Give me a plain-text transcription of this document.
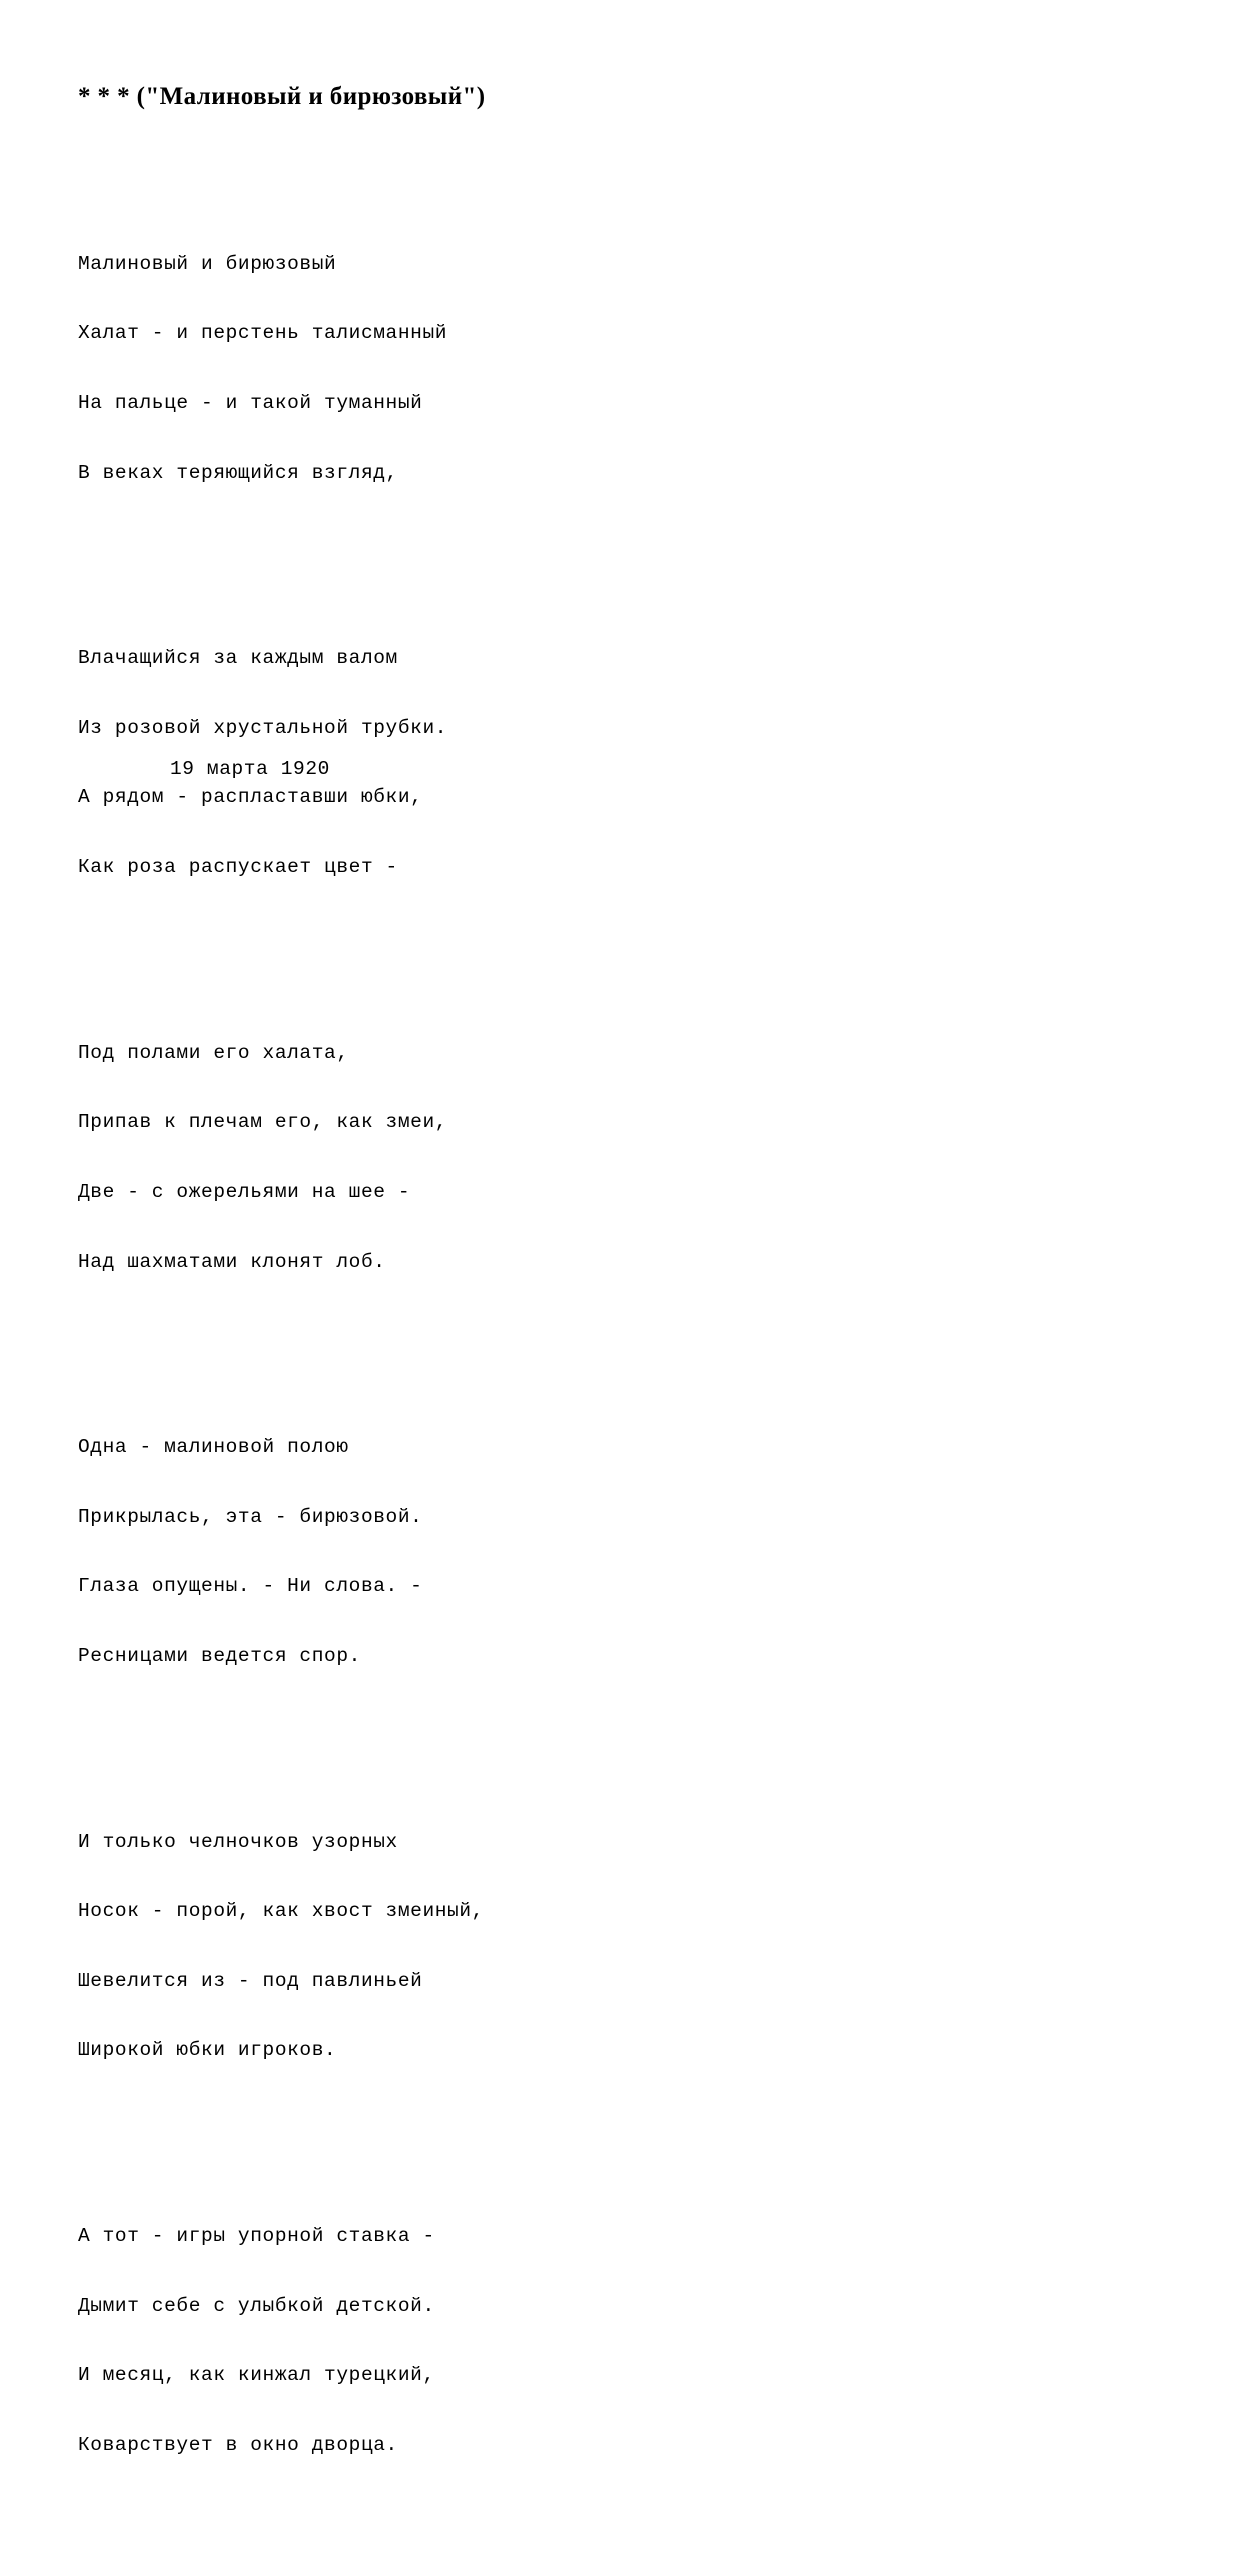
* * * ("Малиновый и бирюзовый")

Малиновый и бирюзовый

Халат - и перстень талисманный

На пальце - и такой туманный

В веках теряющийся взгляд,

Влачащийся за каждым валом

Из розовой хрустальной трубки.

А рядом - распластавши юбки,

Как роза распускает цвет -

Под полами его халата,

Припав к плечам его, как змеи,

Две - с ожерельями на шее -

Над шахматами клонят лоб.

Одна - малиновой полою

Прикрылась, эта - бирюзовой.

Глаза опущены. - Ни слова. -

Ресницами ведется спор.

И только челночков узорных

Носок - порой, как хвост змеиный,

Шевелится из - под павлиньей

Широкой юбки игроков.

А тот - игры упорной ставка -

Дымит себе с улыбкой детской.

И месяц, как кинжал турецкий,

Коварствует в окно дворца.

19 марта 1920
